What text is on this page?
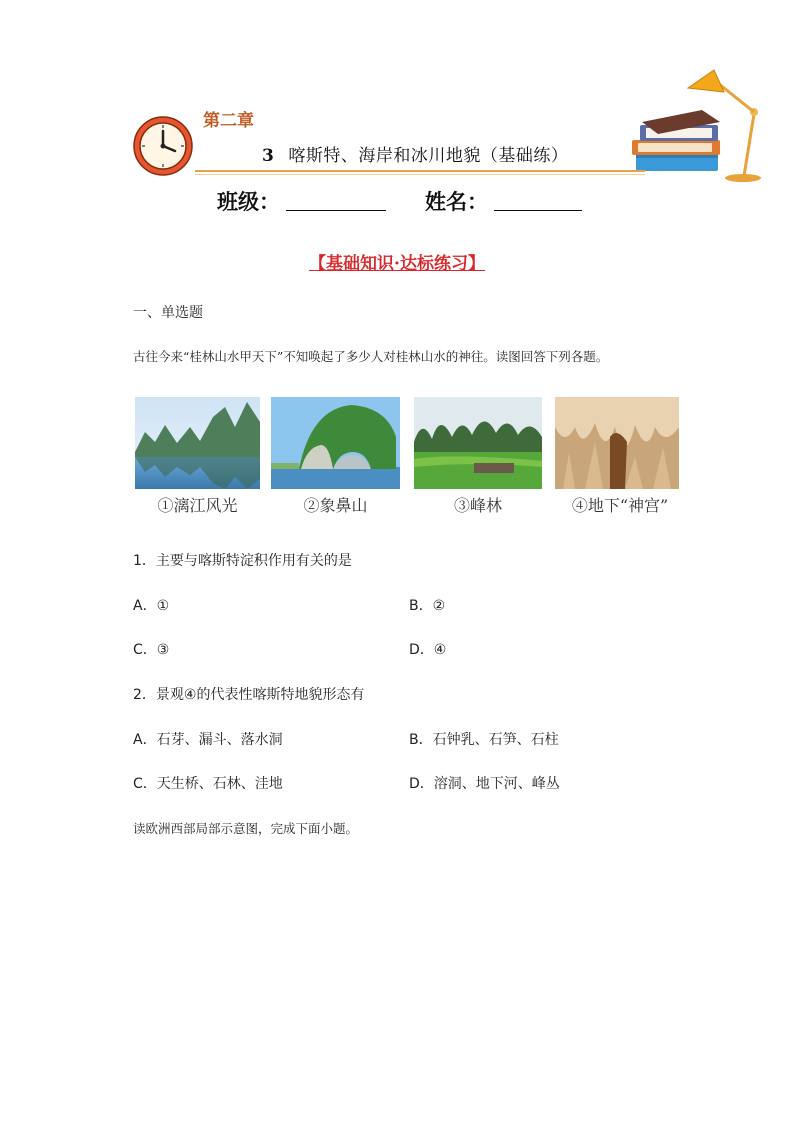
第二章
3 喀斯特、海岸和冰川地貌（基础练）
班级：	姓名：
【基础知识·达标练习】
一、单选题
古往今来“桂林山水甲天下”不知唤起了多少人对桂林山水的神往。读图回答下列各题。
①漓江风光	②象鼻山	③峰林	④地下“神宫”
1．主要与喀斯特淀积作用有关的是
A．①	B．②
C．③	D．④
2．景观④的代表性喀斯特地貌形态有
A．石芽、漏斗、落水洞	B．石钟乳、石笋、石柱
C．天生桥、石林、洼地	D．溶洞、地下河、峰丛
读欧洲西部局部示意图，完成下面小题。
